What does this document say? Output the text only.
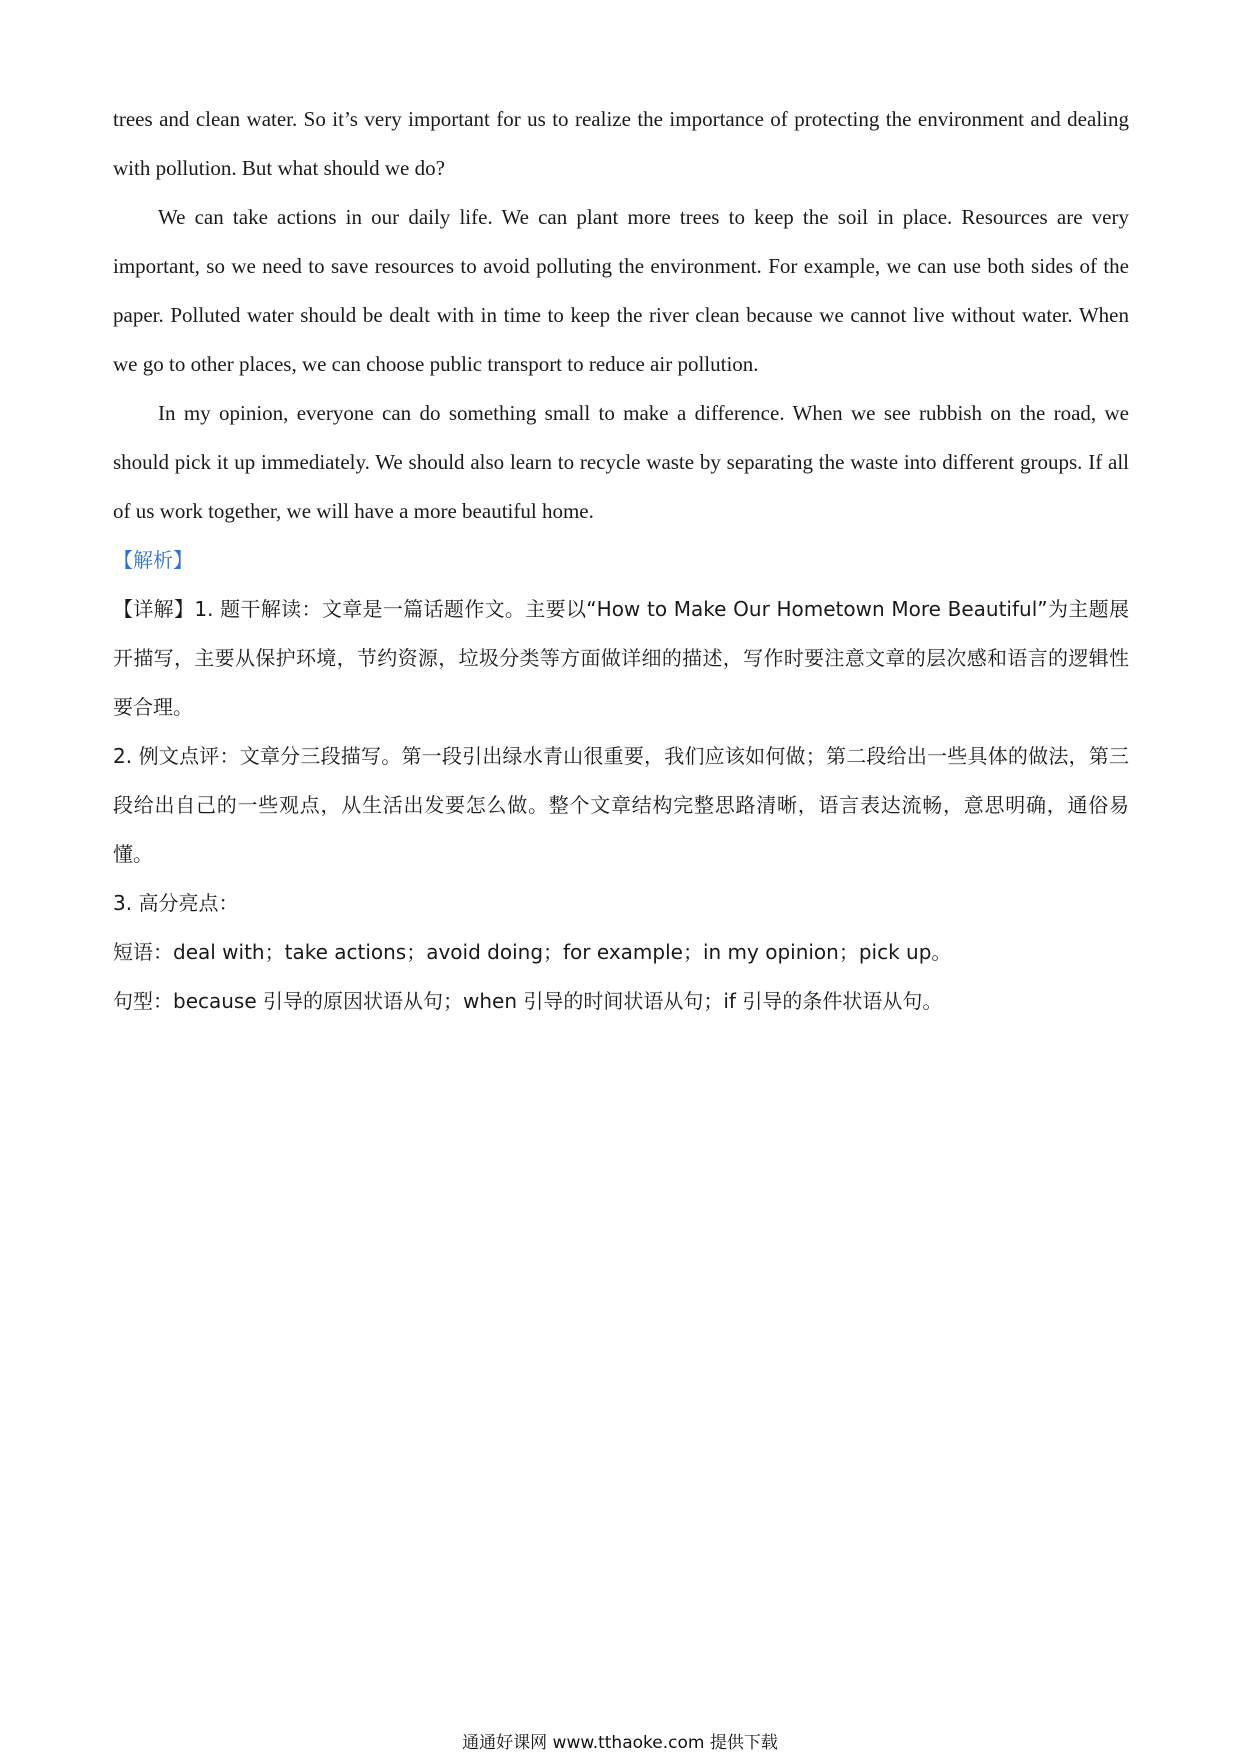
trees and clean water. So it’s very important for us to realize the importance of protecting the environment and dealing with pollution. But what should we do?

We can take actions in our daily life. We can plant more trees to keep the soil in place. Resources are very important, so we need to save resources to avoid polluting the environment. For example, we can use both sides of the paper. Polluted water should be dealt with in time to keep the river clean because we cannot live without water. When we go to other places, we can choose public transport to reduce air pollution.

In my opinion, everyone can do something small to make a difference. When we see rubbish on the road, we should pick it up immediately. We should also learn to recycle waste by separating the waste into different groups. If all of us work together, we will have a more beautiful home.

【解析】

【详解】1. 题干解读：文章是一篇话题作文。主要以“How to Make Our Hometown More Beautiful”为主题展开描写，主要从保护环境，节约资源，垃圾分类等方面做详细的描述，写作时要注意文章的层次感和语言的逻辑性要合理。

2. 例文点评：文章分三段描写。第一段引出绿水青山很重要，我们应该如何做；第二段给出一些具体的做法，第三段给出自己的一些观点，从生活出发要怎么做。整个文章结构完整思路清晰，语言表达流畅，意思明确，通俗易懂。

3. 高分亮点：

短语：deal with；take actions；avoid doing；for example；in my opinion；pick up。

句型：because 引导的原因状语从句；when 引导的时间状语从句；if 引导的条件状语从句。

通通好课网 www.tthaoke.com 提供下载
